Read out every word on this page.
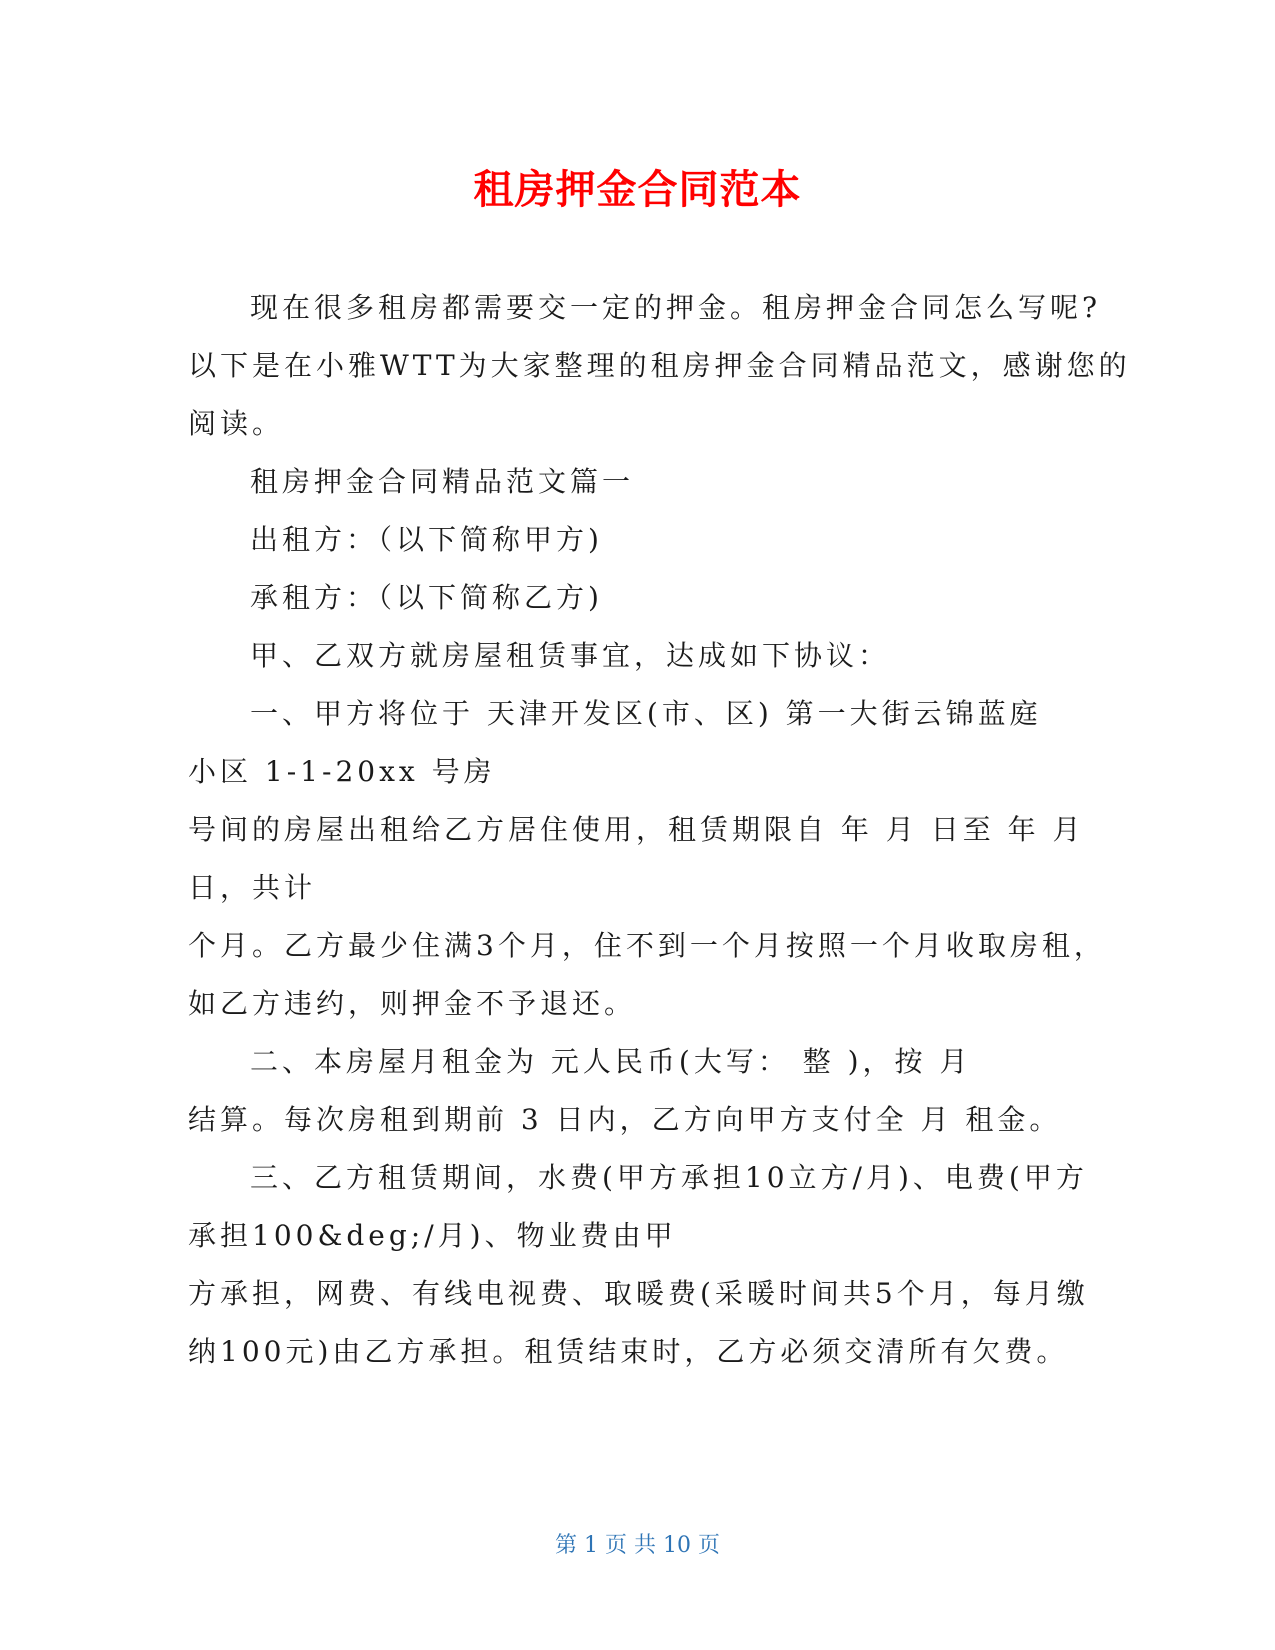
租房押金合同范本
现在很多租房都需要交一定的押金。租房押金合同怎么写呢?
以下是在小雅WTT为大家整理的租房押金合同精品范文，感谢您的
阅读。
租房押金合同精品范文篇一
出租方：（以下简称甲方)
承租方：（以下简称乙方)
甲、乙双方就房屋租赁事宜，达成如下协议：
一、甲方将位于 天津开发区(市、区) 第一大街云锦蓝庭
小区 1-1-20xx 号房
号间的房屋出租给乙方居住使用，租赁期限自 年 月 日至 年 月
日，共计
个月。乙方最少住满3个月，住不到一个月按照一个月收取房租，
如乙方违约，则押金不予退还。
二、本房屋月租金为 元人民币(大写： 整 )，按 月
结算。每次房租到期前 3 日内，乙方向甲方支付全 月 租金。
三、乙方租赁期间，水费(甲方承担10立方/月)、电费(甲方
承担100&deg;/月)、物业费由甲
方承担，网费、有线电视费、取暖费(采暖时间共5个月，每月缴
纳100元)由乙方承担。租赁结束时，乙方必须交清所有欠费。
第 1 页 共 10 页
